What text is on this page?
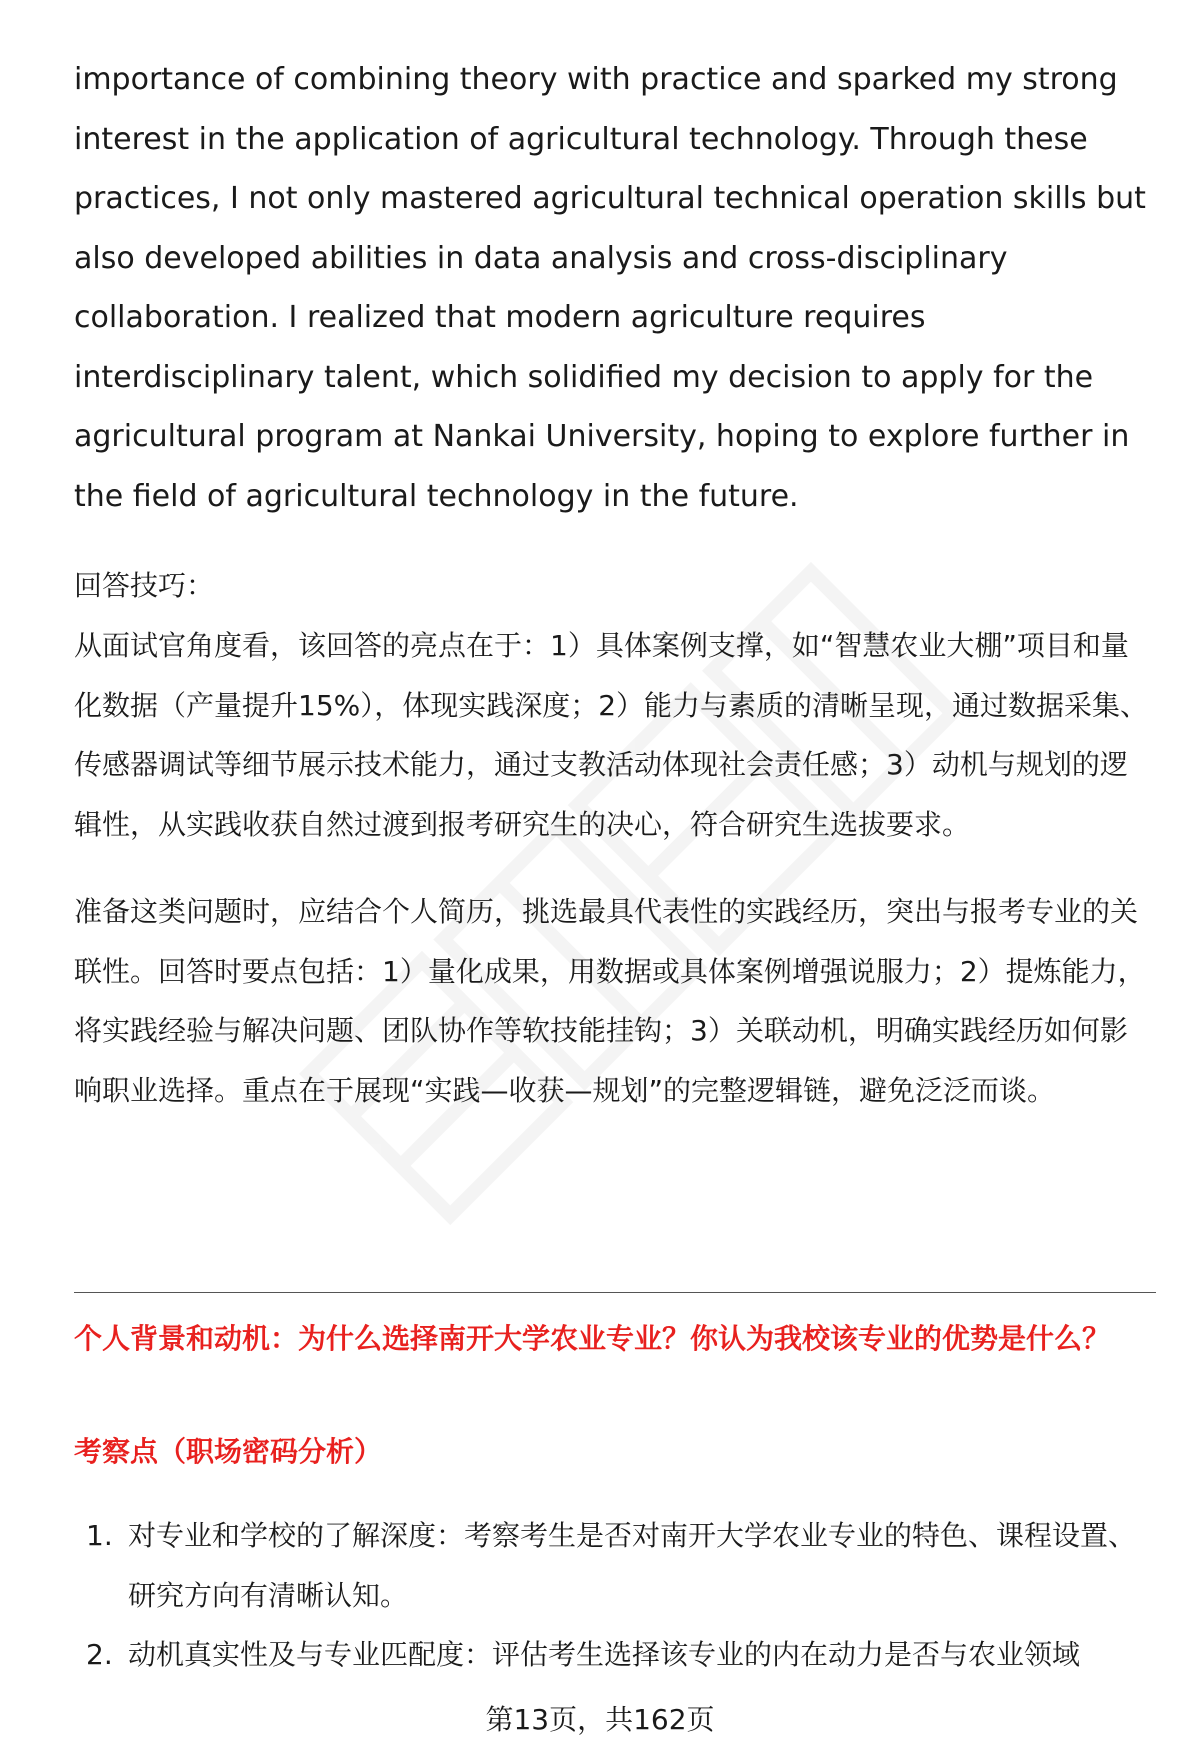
importance of combining theory with practice and sparked my strong interest in the application of agricultural technology. Through these practices, I not only mastered agricultural technical operation skills but also developed abilities in data analysis and cross-disciplinary collaboration. I realized that modern agriculture requires interdisciplinary talent, which solidified my decision to apply for the agricultural program at Nankai University, hoping to explore further in the field of agricultural technology in the future.

回答技巧：

从面试官角度看，该回答的亮点在于：1）具体案例支撑，如“智慧农业大棚”项目和量化数据（产量提升15%），体现实践深度；2）能力与素质的清晰呈现，通过数据采集、传感器调试等细节展示技术能力，通过支教活动体现社会责任感；3）动机与规划的逻辑性，从实践收获自然过渡到报考研究生的决心，符合研究生选拔要求。

准备这类问题时，应结合个人简历，挑选最具代表性的实践经历，突出与报考专业的关联性。回答时要点包括：1）量化成果，用数据或具体案例增强说服力；2）提炼能力，将实践经验与解决问题、团队协作等软技能挂钩；3）关联动机，明确实践经历如何影响职业选择。重点在于展现“实践—收获—规划”的完整逻辑链，避免泛泛而谈。

个人背景和动机：为什么选择南开大学农业专业？你认为我校该专业的优势是什么？
考察点（职场密码分析）
1. 对专业和学校的了解深度：考察考生是否对南开大学农业专业的特色、课程设置、研究方向有清晰认知。
2. 动机真实性及与专业匹配度：评估考生选择该专业的内在动力是否与农业领域
第13页，共162页
